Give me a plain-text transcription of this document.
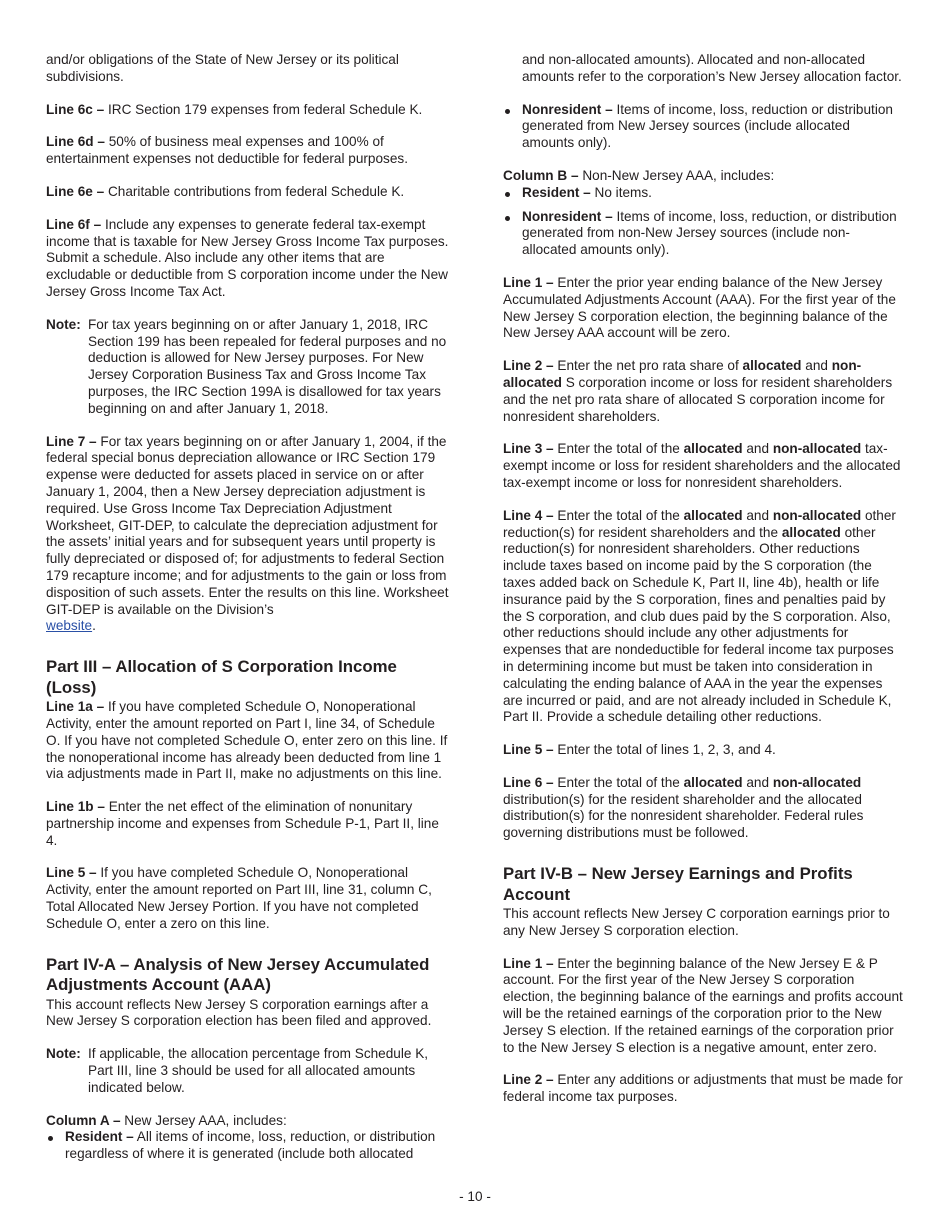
and/or obligations of the State of New Jersey or its political subdivisions.

Line 6c – IRC Section 179 expenses from federal Schedule K.

Line 6d – 50% of business meal expenses and 100% of entertainment expenses not deductible for federal purposes.

Line 6e – Charitable contributions from federal Schedule K.

Line 6f – Include any expenses to generate federal tax-exempt income that is taxable for New Jersey Gross Income Tax purposes. Submit a schedule. Also include any other items that are excludable or deductible from S corporation income under the New Jersey Gross Income Tax Act.

Note: For tax years beginning on or after January 1, 2018, IRC Section 199 has been repealed for federal purposes and no deduction is allowed for New Jersey purposes. For New Jersey Corporation Business Tax and Gross Income Tax purposes, the IRC Section 199A is disallowed for tax years beginning on and after January 1, 2018.

Line 7 – For tax years beginning on or after January 1, 2004, if the federal special bonus depreciation allowance or IRC Section 179 expense were deducted for assets placed in service on or after January 1, 2004, then a New Jersey depreciation adjustment is required. Use Gross Income Tax Depreciation Adjustment Worksheet, GIT-DEP, to calculate the depreciation adjustment for the assets’ initial years and for subsequent years until property is fully depreciated or disposed of; for adjustments to federal Section 179 recapture income; and for adjustments to the gain or loss from disposition of such assets. Enter the results on this line. Worksheet GIT-DEP is available on the Division’s
website.

Part III – Allocation of S Corporation Income (Loss)

Line 1a – If you have completed Schedule O, Nonoperational Activity, enter the amount reported on Part I, line 34, of Schedule O. If you have not completed Schedule O, enter zero on this line. If the nonoperational income has already been deducted from line 1 via adjustments made in Part II, make no adjustments on this line.

Line 1b – Enter the net effect of the elimination of nonunitary partnership income and expenses from Schedule P-1, Part II, line 4.

Line 5 – If you have completed Schedule O, Nonoperational Activity, enter the amount reported on Part III, line 31, column C, Total Allocated New Jersey Portion. If you have not completed Schedule O, enter a zero on this line.

Part IV-A – Analysis of New Jersey Accumulated Adjustments Account (AAA)

This account reflects New Jersey S corporation earnings after a New Jersey S corporation election has been filed and approved.

Note: If applicable, the allocation percentage from Schedule K, Part III, line 3 should be used for all allocated amounts indicated below.

Column A – New Jersey AAA, includes:

Resident – All items of income, loss, reduction, or distribution regardless of where it is generated (include both allocated
and non-allocated amounts). Allocated and non-allocated amounts refer to the corporation’s New Jersey allocation factor.
Nonresident – Items of income, loss, reduction or distribution generated from New Jersey sources (include allocated amounts only).

Column B – Non-New Jersey AAA, includes:

Resident – No items.
Nonresident – Items of income, loss, reduction, or distribution generated from non-New Jersey sources (include non-allocated amounts only).

Line 1 – Enter the prior year ending balance of the New Jersey Accumulated Adjustments Account (AAA). For the first year of the New Jersey S corporation election, the beginning balance of the New Jersey AAA account will be zero.

Line 2 – Enter the net pro rata share of allocated and non-allocated S corporation income or loss for resident shareholders and the net pro rata share of allocated S corporation income for nonresident shareholders.

Line 3 – Enter the total of the allocated and non-allocated tax-exempt income or loss for resident shareholders and the allocated tax-exempt income or loss for nonresident shareholders.

Line 4 – Enter the total of the allocated and non-allocated other reduction(s) for resident shareholders and the allocated other reduction(s) for nonresident shareholders. Other reductions include taxes based on income paid by the S corporation (the taxes added back on Schedule K, Part II, line 4b), health or life insurance paid by the S corporation, fines and penalties paid by the S corporation, and club dues paid by the S corporation. Also, other reductions should include any other adjustments for expenses that are nondeductible for federal income tax purposes in determining income but must be taken into consideration in calculating the ending balance of AAA in the year the expenses are incurred or paid, and are not already included in Schedule K, Part II. Provide a schedule detailing other reductions.

Line 5 – Enter the total of lines 1, 2, 3, and 4.

Line 6 – Enter the total of the allocated and non-allocated distribution(s) for the resident shareholder and the allocated distribution(s) for the nonresident shareholder. Federal rules governing distributions must be followed.

Part IV-B – New Jersey Earnings and Profits Account

This account reflects New Jersey C corporation earnings prior to any New Jersey S corporation election.

Line 1 – Enter the beginning balance of the New Jersey E & P account. For the first year of the New Jersey S corporation election, the beginning balance of the earnings and profits account will be the retained earnings of the corporation prior to the New Jersey S election. If the retained earnings of the corporation prior to the New Jersey S election is a negative amount, enter zero.

Line 2 – Enter any additions or adjustments that must be made for federal income tax purposes.

- 10 -
